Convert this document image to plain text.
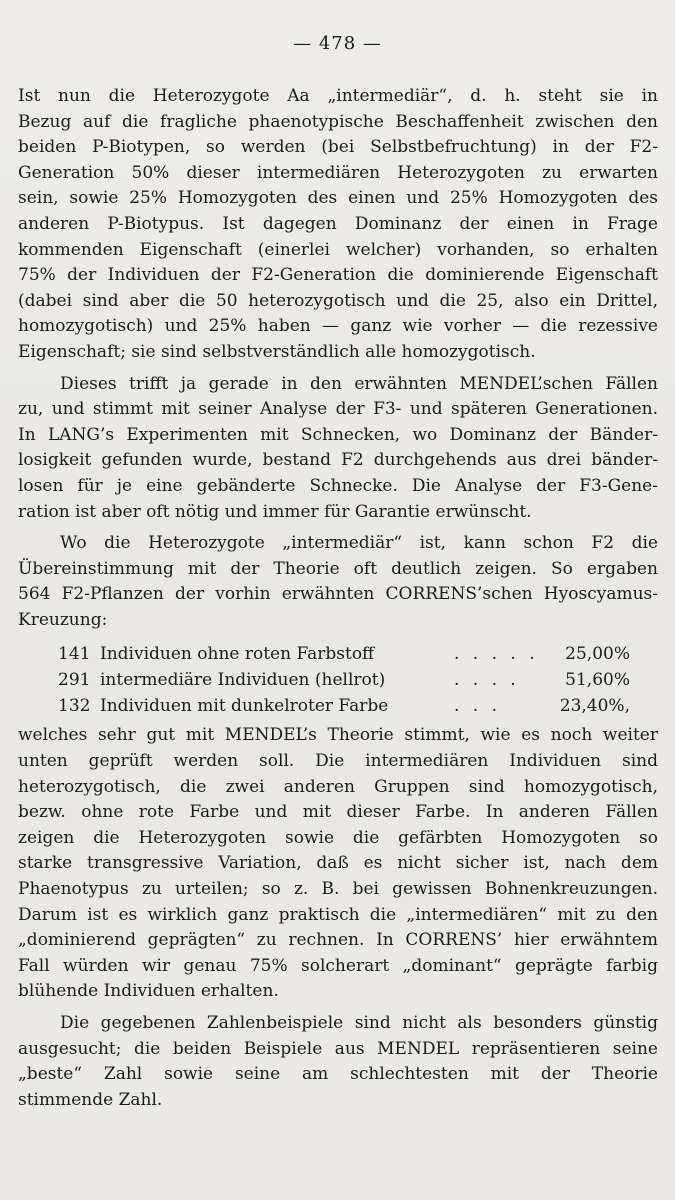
— 478 —
Ist nun die Heterozygote Aa „intermediär“, d. h. steht sie in
Bezug auf die fragliche phaenotypische Beschaffenheit zwischen den
beiden P-Biotypen, so werden (bei Selbstbefruchtung) in der F2-
Generation 50% dieser intermediären Heterozygoten zu erwarten
sein, sowie 25% Homozygoten des einen und 25% Homozygoten des
anderen P-Biotypus. Ist dagegen Dominanz der einen in Frage
kommenden Eigenschaft (einerlei welcher) vorhanden, so erhalten
75% der Individuen der F2-Generation die dominierende Eigenschaft
(dabei sind aber die 50 heterozygotisch und die 25, also ein Drittel,
homozygotisch) und 25% haben — ganz wie vorher — die rezessive
Eigenschaft; sie sind selbstverständlich alle homozygotisch.
Dieses trifft ja gerade in den erwähnten MENDEL’schen Fällen
zu, und stimmt mit seiner Analyse der F3- und späteren Generationen.
In LANG’s Experimenten mit Schnecken, wo Dominanz der Bänder-
losigkeit gefunden wurde, bestand F2 durchgehends aus drei bänder-
losen für je eine gebänderte Schnecke. Die Analyse der F3-Gene-
ration ist aber oft nötig und immer für Garantie erwünscht.
Wo die Heterozygote „intermediär“ ist, kann schon F2 die
Übereinstimmung mit der Theorie oft deutlich zeigen. So ergaben
564 F2-Pflanzen der vorhin erwähnten CORRENS’schen Hyoscyamus-
Kreuzung:
141 Individuen ohne roten Farbstoff	. . . . .	25,00%
291 intermediäre Individuen (hellrot)	. . . .	51,60%
132 Individuen mit dunkelroter Farbe	. . .	23,40%,
welches sehr gut mit MENDEL’s Theorie stimmt, wie es noch weiter
unten geprüft werden soll. Die intermediären Individuen sind
heterozygotisch, die zwei anderen Gruppen sind homozygotisch,
bezw. ohne rote Farbe und mit dieser Farbe. In anderen Fällen
zeigen die Heterozygoten sowie die gefärbten Homozygoten so
starke transgressive Variation, daß es nicht sicher ist, nach dem
Phaenotypus zu urteilen; so z. B. bei gewissen Bohnenkreuzungen.
Darum ist es wirklich ganz praktisch die „intermediären“ mit zu den
„dominierend geprägten“ zu rechnen. In CORRENS’ hier erwähntem
Fall würden wir genau 75% solcherart „dominant“ geprägte farbig
blühende Individuen erhalten.
Die gegebenen Zahlenbeispiele sind nicht als besonders günstig
ausgesucht; die beiden Beispiele aus MENDEL repräsentieren seine
„beste“ Zahl sowie seine am schlechtesten mit der Theorie
stimmende Zahl.
